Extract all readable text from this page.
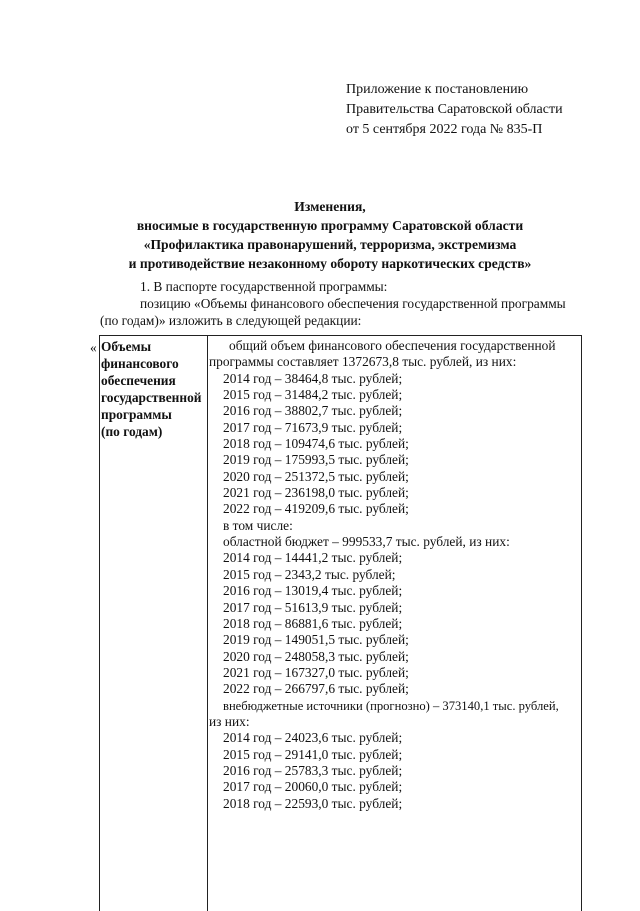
Приложение к постановлению
Правительства Саратовской области
от 5 сентября 2022 года № 835-П
Изменения,
вносимые в государственную программу Саратовской области
«Профилактика правонарушений, терроризма, экстремизма
и противодействие незаконному обороту наркотических средств»
1. В паспорте государственной программы:
позицию «Объемы финансового обеспечения государственной программы
(по годам)» изложить в следующей редакции:
« Объемы
финансового
обеспечения
государственной
программы
(по годам)
общий объем финансового обеспечения государственной
программы составляет 1372673,8 тыс. рублей, из них:
2014 год – 38464,8 тыс. рублей;
2015 год – 31484,2 тыс. рублей;
2016 год – 38802,7 тыс. рублей;
2017 год – 71673,9 тыс. рублей;
2018 год – 109474,6 тыс. рублей;
2019 год – 175993,5 тыс. рублей;
2020 год – 251372,5 тыс. рублей;
2021 год – 236198,0 тыс. рублей;
2022 год – 419209,6 тыс. рублей;
в том числе:
областной бюджет – 999533,7 тыс. рублей, из них:
2014 год – 14441,2 тыс. рублей;
2015 год – 2343,2 тыс. рублей;
2016 год – 13019,4 тыс. рублей;
2017 год – 51613,9 тыс. рублей;
2018 год – 86881,6 тыс. рублей;
2019 год – 149051,5 тыс. рублей;
2020 год – 248058,3 тыс. рублей;
2021 год – 167327,0 тыс. рублей;
2022 год – 266797,6 тыс. рублей;
внебюджетные источники (прогнозно) – 373140,1 тыс. рублей,
из них:
2014 год – 24023,6 тыс. рублей;
2015 год – 29141,0 тыс. рублей;
2016 год – 25783,3 тыс. рублей;
2017 год – 20060,0 тыс. рублей;
2018 год – 22593,0 тыс. рублей;
